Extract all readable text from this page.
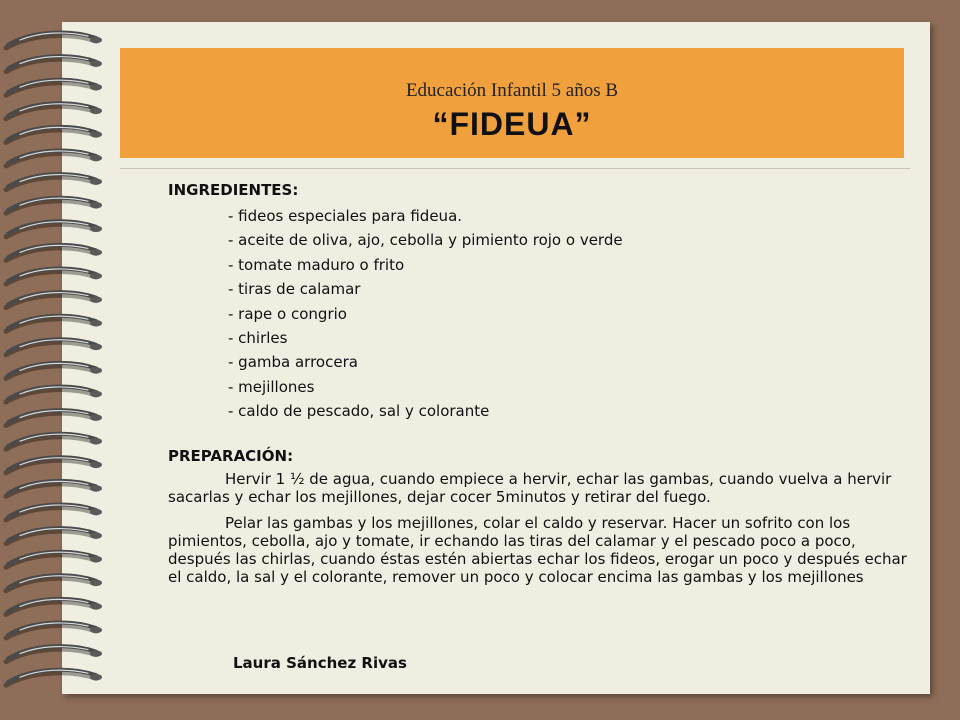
Educación Infantil 5 años B
“FIDEUA”
INGREDIENTES:
- fideos especiales para fideua.
- aceite de oliva, ajo, cebolla y pimiento rojo o verde
- tomate maduro o frito
- tiras de calamar
- rape o congrio
- chirles
- gamba arrocera
- mejillones
- caldo de pescado, sal y colorante
PREPARACIÓN:

Hervir 1 ½ de agua, cuando empiece a hervir, echar las gambas, cuando vuelva a hervir sacarlas y echar los mejillones, dejar cocer 5minutos y retirar del fuego.

Pelar las gambas y los mejillones, colar el caldo y reservar. Hacer un sofrito con los pimientos, cebolla, ajo y tomate, ir echando las tiras del calamar y el pescado poco a poco, después las chirlas, cuando éstas estén abiertas echar los fideos, erogar un poco y después echar el caldo, la sal y el colorante, remover un poco y colocar encima las gambas y los mejillones

Laura Sánchez Rivas
